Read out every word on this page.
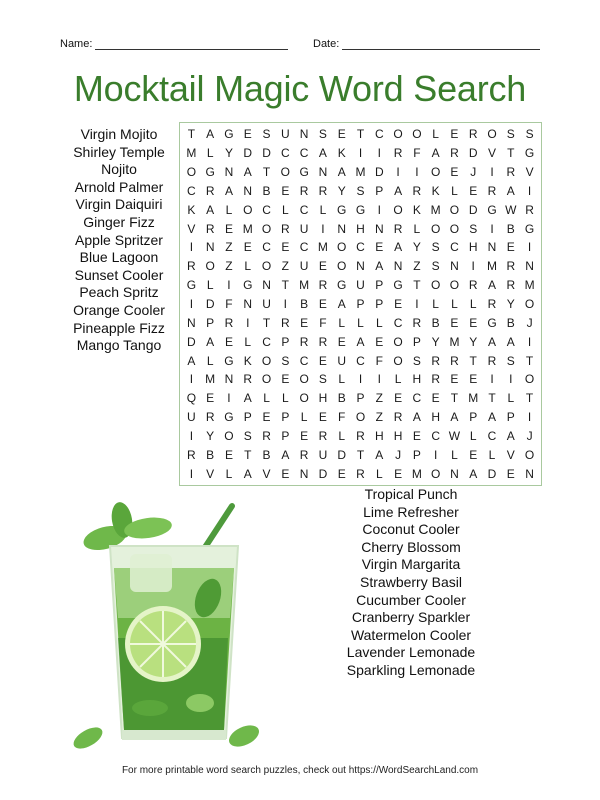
Name:	Date:
Mocktail Magic Word Search
Virgin Mojito
Shirley Temple
Nojito
Arnold Palmer
Virgin Daiquiri
Ginger Fizz
Apple Spritzer
Blue Lagoon
Sunset Cooler
Peach Spritz
Orange Cooler
Pineapple Fizz
Mango Tango
T A G E S U N S E T C O O L E R O S S
M L Y D D C C A K	I	I	R F A R D V T G
O G N A T O G N A M D	I	I	O E J	I	R V
C R A N B E R R Y S P A R K L E R A	I
K A L O C L C L G G	I	O K M O D G W R
V R E M O R U	I	N H N R L O O S	I	B G
I	N Z E C E C M O C E A Y S C H N E	I
R O Z L O Z U E O N A N Z S N	I	M R N
G L	I	G N T M R G U P G T O O R A R M
I	D F N U	I	B E A P P E	I	L	L	L R Y O
N P R	I	T R E F L	L	L C R B E E G B J
D A E L C P R R E A E O P Y M Y A A	I
A L G K O S C E U C F O S R R T R S T
I	M N R O E O S L	I	I	L H R E E	I	I	O
Q E	I	A L	L O H B P Z E C E T M T L T
U R G P E P L E F O Z R A H A P A P	I
I	Y O S R P E R L R H H E C W L C A J
R B E T B A R U D T A J P	I	L E L V O
I	V L A V E N D E R L E M O N A D E N
Tropical Punch
Lime Refresher
Coconut Cooler
Cherry Blossom
Virgin Margarita
Strawberry Basil
Cucumber Cooler
Cranberry Sparkler
Watermelon Cooler
Lavender Lemonade
Sparkling Lemonade
For more printable word search puzzles, check out https://WordSearchLand.com
